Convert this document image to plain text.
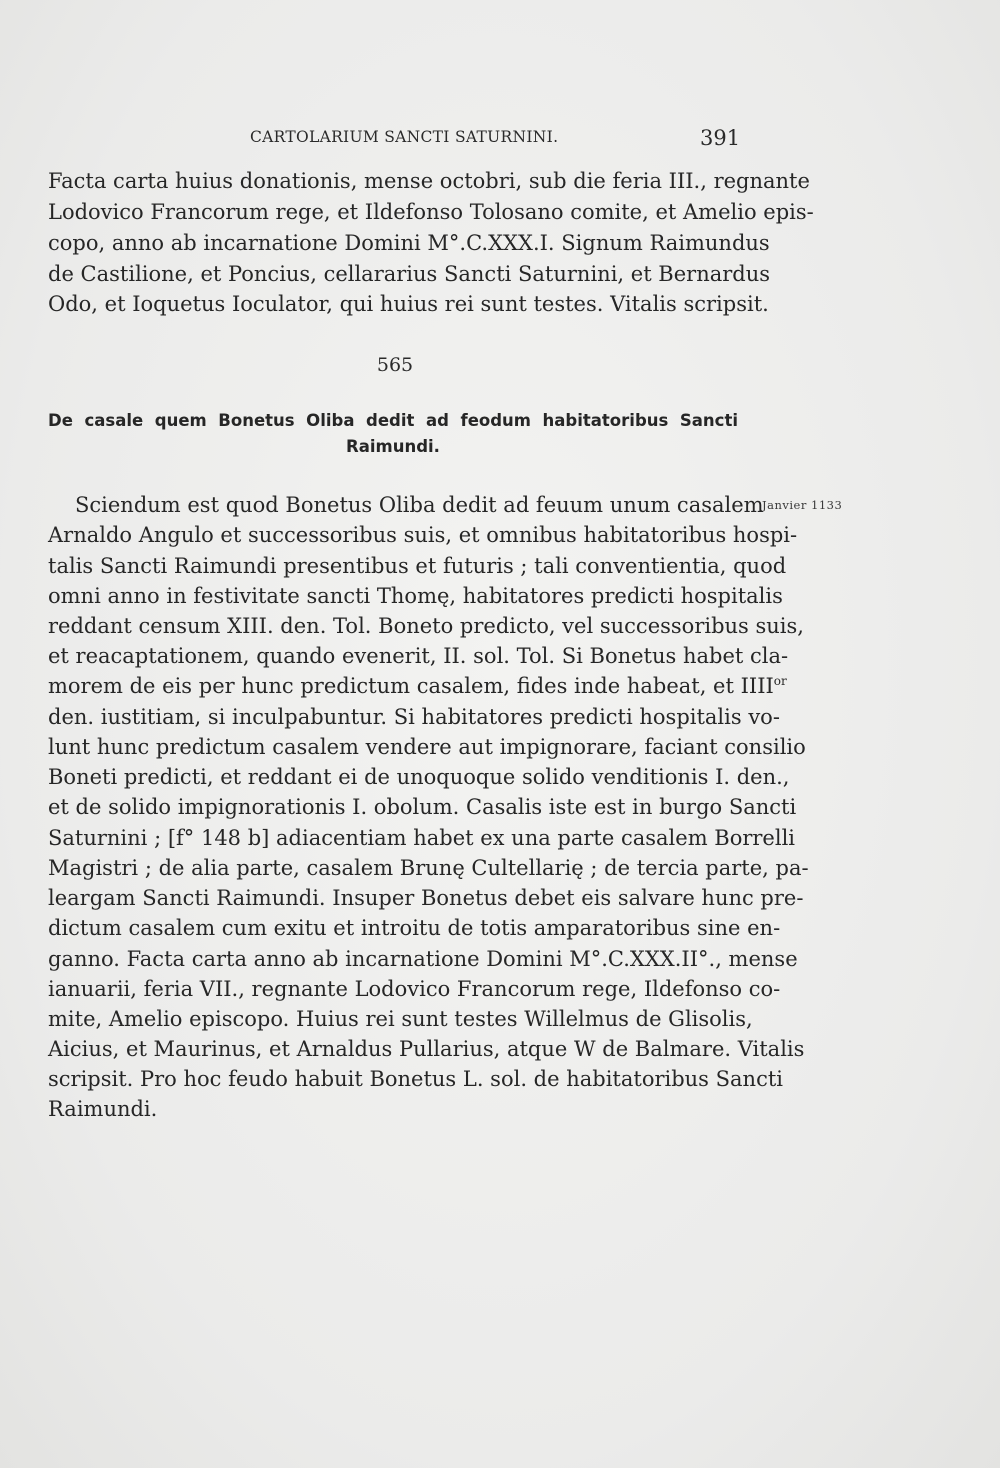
CARTOLARIUM SANCTI SATURNINI.	391
Facta carta huius donationis, mense octobri, sub die feria III., regnante
Lodovico Francorum rege, et Ildefonso Tolosano comite, et Amelio epis-
copo, anno ab incarnatione Domini M°.C.XXX.I. Signum Raimundus
de Castilione, et Poncius, cellararius Sancti Saturnini, et Bernardus
Odo, et Ioquetus Ioculator, qui huius rei sunt testes. Vitalis scripsit.
565
De casale quem Bonetus Oliba dedit ad feodum habitatoribus Sancti
Raimundi.
Janvier 1133
Sciendum est quod Bonetus Oliba dedit ad feuum unum casalem
Arnaldo Angulo et successoribus suis, et omnibus habitatoribus hospi-
talis Sancti Raimundi presentibus et futuris ; tali conventientia, quod
omni anno in festivitate sancti Thomę, habitatores predicti hospitalis
reddant censum XIII. den. Tol. Boneto predicto, vel successoribus suis,
et reacaptationem, quando evenerit, II. sol. Tol. Si Bonetus habet cla-
morem de eis per hunc predictum casalem, fides inde habeat, et $IIII^{or}$
den. iustitiam, si inculpabuntur. Si habitatores predicti hospitalis vo-
lunt hunc predictum casalem vendere aut impignorare, faciant consilio
Boneti predicti, et reddant ei de unoquoque solido venditionis I. den.,
et de solido impignorationis I. obolum. Casalis iste est in burgo Sancti
Saturnini ; [f° 148 b] adiacentiam habet ex una parte casalem Borrelli
Magistri ; de alia parte, casalem Brunę Cultellarię ; de tercia parte, pa-
leargam Sancti Raimundi. Insuper Bonetus debet eis salvare hunc pre-
dictum casalem cum exitu et introitu de totis amparatoribus sine en-
ganno. Facta carta anno ab incarnatione Domini M°.C.XXX.II°., mense
ianuarii, feria VII., regnante Lodovico Francorum rege, Ildefonso co-
mite, Amelio episcopo. Huius rei sunt testes Willelmus de Glisolis,
Aicius, et Maurinus, et Arnaldus Pullarius, atque W de Balmare. Vitalis
scripsit. Pro hoc feudo habuit Bonetus L. sol. de habitatoribus Sancti
Raimundi.
